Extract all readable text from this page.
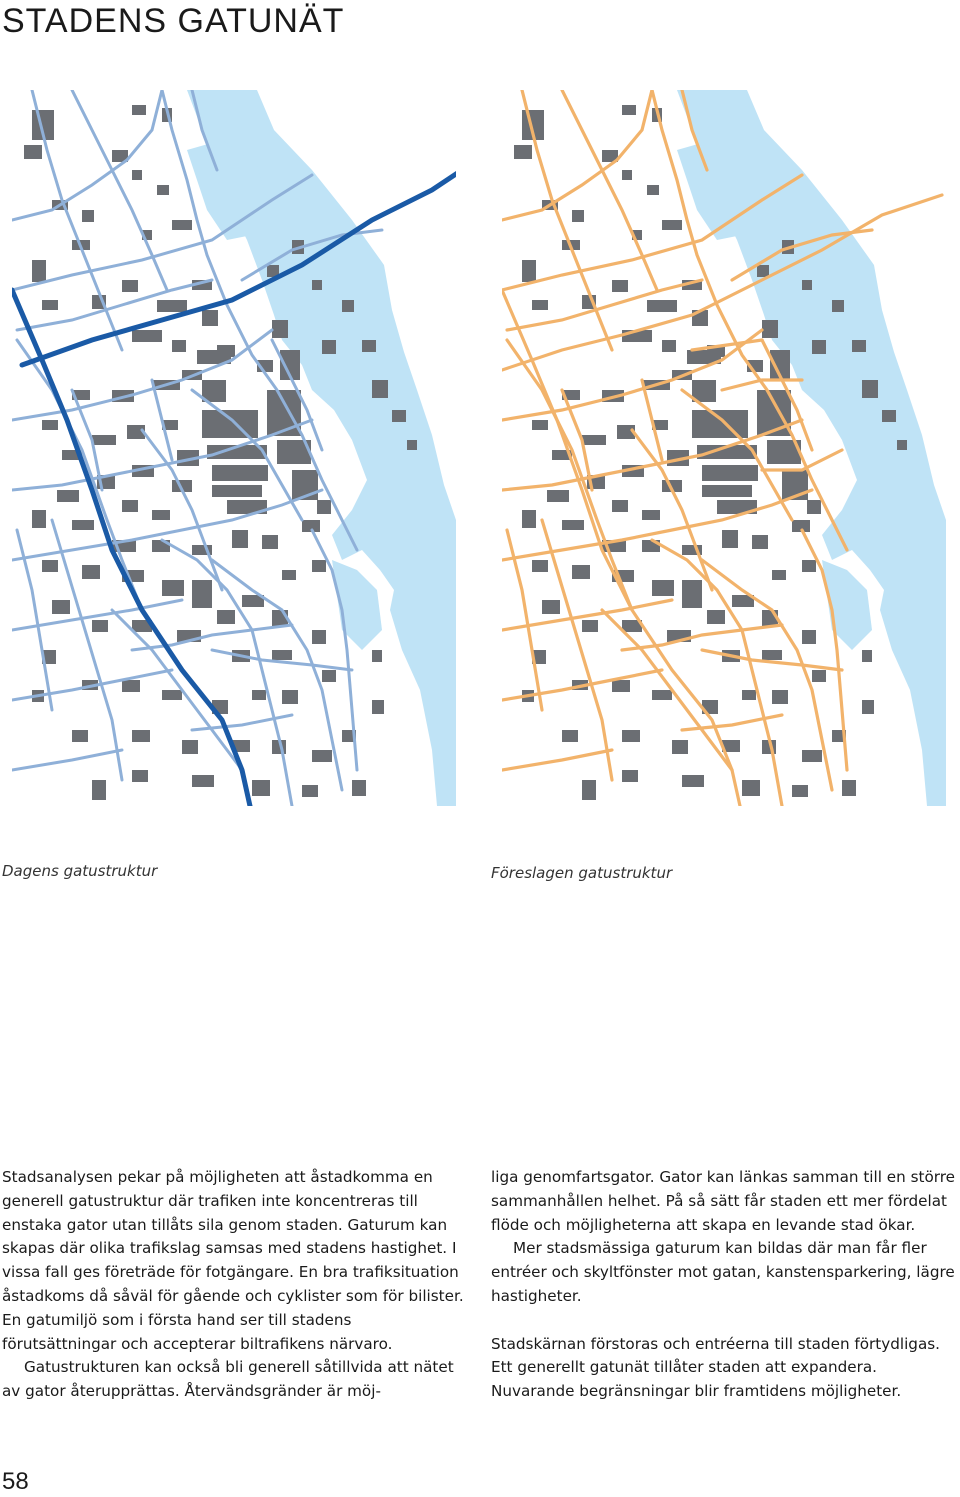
STADENS GATUNÄT

Dagens gatustruktur	Föreslagen gatustruktur

Stadsanalysen pekar på möjligheten att åstadkomma en generell gatustruktur där trafiken inte koncentreras till enstaka gator utan tillåts sila genom staden. Gaturum kan skapas där olika trafikslag samsas med stadens hastighet. I vissa fall ges företräde för fotgängare. En bra trafiksituation åstadkoms då såväl för gående och cyklister som för bilister. En gatumiljö som i första hand ser till stadens förutsättningar och accepterar biltrafikens närvaro.

Gatustrukturen kan också bli generell såtillvida att nätet av gator återupprättas. Återvändsgränder är möj-

liga genomfartsgator. Gator kan länkas samman till en större sammanhållen helhet. På så sätt får staden ett mer fördelat flöde och möjligheterna att skapa en levande stad ökar.

Mer stadsmässiga gaturum kan bildas där man får fler entréer och skyltfönster mot gatan, kanstensparkering, lägre hastigheter.

Stadskärnan förstoras och entréerna till staden förtydligas. Ett generellt gatunät tillåter staden att expandera. Nuvarande begränsningar blir framtidens möjligheter.

58
